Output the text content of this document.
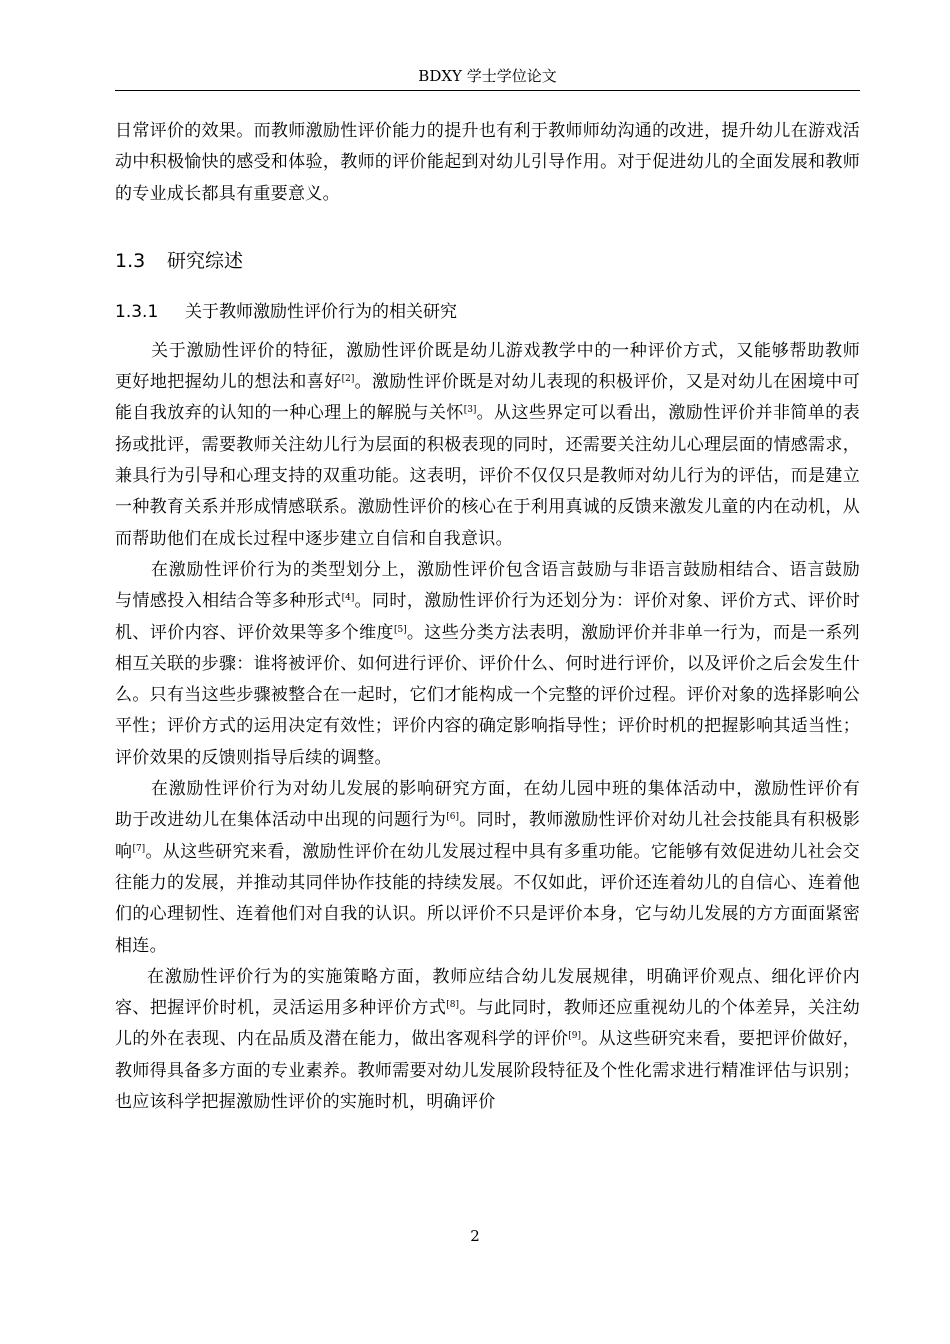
BDXY 学士学位论文

日常评价的效果。而教师激励性评价能力的提升也有利于教师师幼沟通的改进，提升幼儿在游戏活动中积极愉快的感受和体验，教师的评价能起到对幼儿引导作用。对于促进幼儿的全面发展和教师的专业成长都具有重要意义。

1.3 研究综述
1.3.1 关于教师激励性评价行为的相关研究

关于激励性评价的特征，激励性评价既是幼儿游戏教学中的一种评价方式，又能够帮助教师更好地把握幼儿的想法和喜好[2]。激励性评价既是对幼儿表现的积极评价，又是对幼儿在困境中可能自我放弃的认知的一种心理上的解脱与关怀[3]。从这些界定可以看出，激励性评价并非简单的表扬或批评，需要教师关注幼儿行为层面的积极表现的同时，还需要关注幼儿心理层面的情感需求，兼具行为引导和心理支持的双重功能。这表明，评价不仅仅只是教师对幼儿行为的评估，而是建立一种教育关系并形成情感联系。激励性评价的核心在于利用真诚的反馈来激发儿童的内在动机，从而帮助他们在成长过程中逐步建立自信和自我意识。

在激励性评价行为的类型划分上，激励性评价包含语言鼓励与非语言鼓励相结合、语言鼓励与情感投入相结合等多种形式[4]。同时，激励性评价行为还划分为：评价对象、评价方式、评价时机、评价内容、评价效果等多个维度[5]。这些分类方法表明，激励评价并非单一行为，而是一系列相互关联的步骤：谁将被评价、如何进行评价、评价什么、何时进行评价，以及评价之后会发生什么。只有当这些步骤被整合在一起时，它们才能构成一个完整的评价过程。评价对象的选择影响公平性；评价方式的运用决定有效性；评价内容的确定影响指导性；评价时机的把握影响其适当性；评价效果的反馈则指导后续的调整。

在激励性评价行为对幼儿发展的影响研究方面，在幼儿园中班的集体活动中，激励性评价有助于改进幼儿在集体活动中出现的问题行为[6]。同时，教师激励性评价对幼儿社会技能具有积极影响[7]。从这些研究来看，激励性评价在幼儿发展过程中具有多重功能。它能够有效促进幼儿社会交往能力的发展，并推动其同伴协作技能的持续发展。不仅如此，评价还连着幼儿的自信心、连着他们的心理韧性、连着他们对自我的认识。所以评价不只是评价本身，它与幼儿发展的方方面面紧密相连。

在激励性评价行为的实施策略方面，教师应结合幼儿发展规律，明确评价观点、细化评价内容、把握评价时机，灵活运用多种评价方式[8]。与此同时，教师还应重视幼儿的个体差异，关注幼儿的外在表现、内在品质及潜在能力，做出客观科学的评价[9]。从这些研究来看，要把评价做好，教师得具备多方面的专业素养。教师需要对幼儿发展阶段特征及个性化需求进行精准评估与识别；也应该科学把握激励性评价的实施时机，明确评价

2
